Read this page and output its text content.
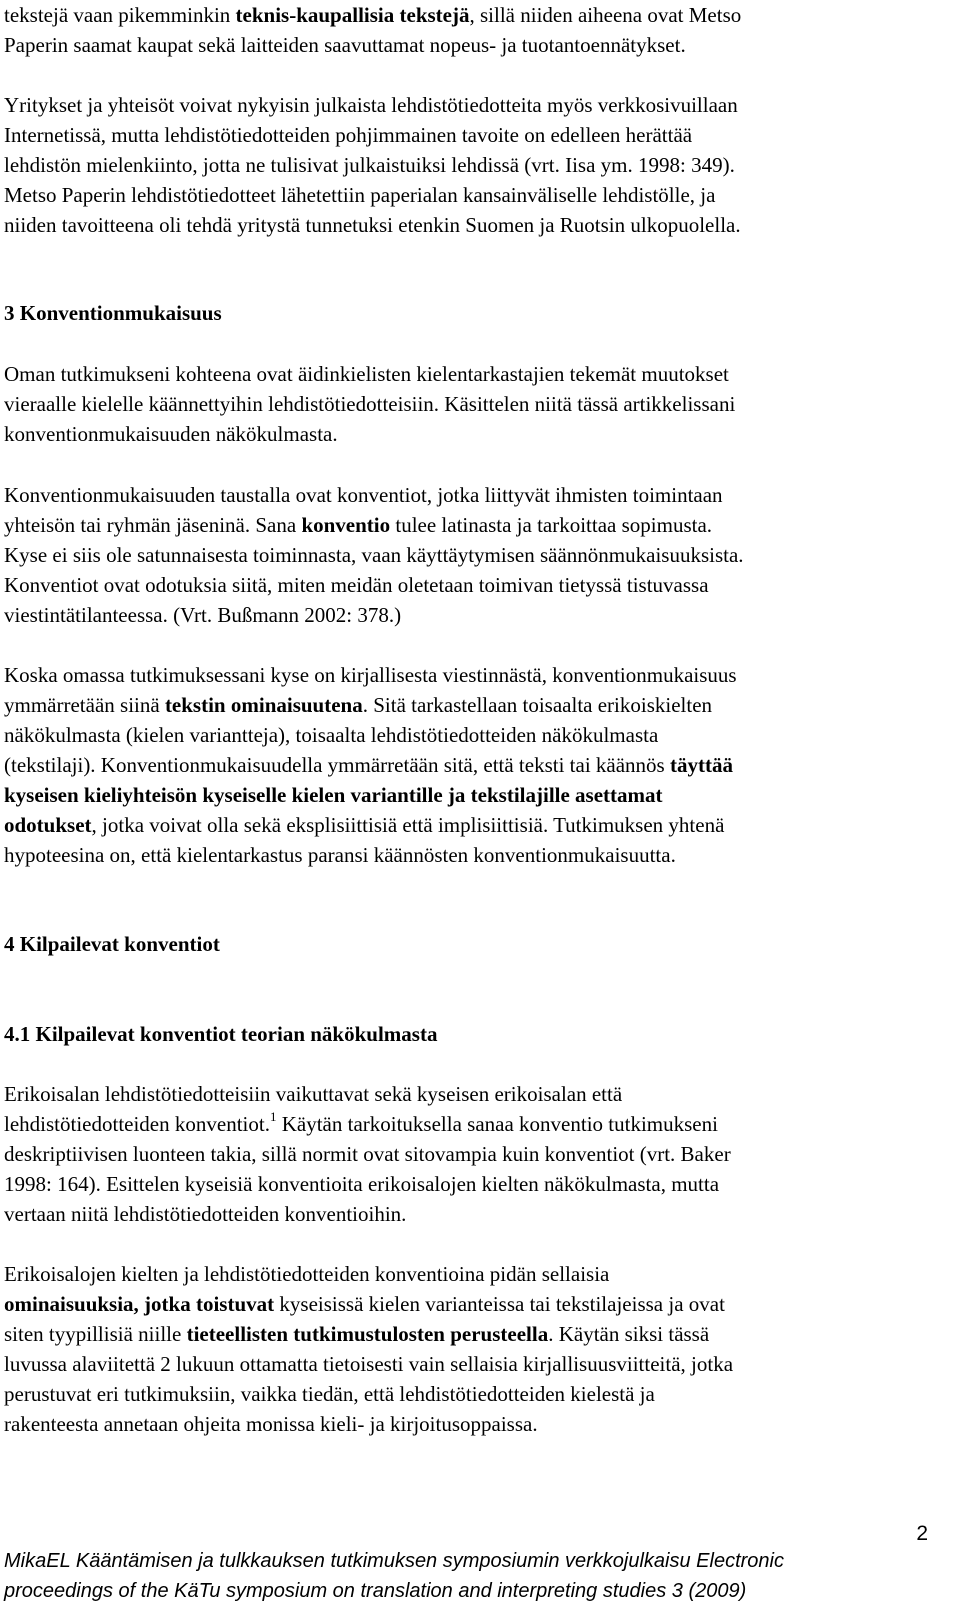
tekstejä vaan pikemminkin teknis-kaupallisia tekstejä, sillä niiden aiheena ovat Metso
Paperin saamat kaupat sekä laitteiden saavuttamat nopeus- ja tuotantoennätykset.
Yritykset ja yhteisöt voivat nykyisin julkaista lehdistötiedotteita myös verkkosivuillaan
Internetissä, mutta lehdistötiedotteiden pohjimmainen tavoite on edelleen herättää
lehdistön mielenkiinto, jotta ne tulisivat julkaistuiksi lehdissä (vrt. Iisa ym. 1998: 349).
Metso Paperin lehdistötiedotteet lähetettiin paperialan kansainväliselle lehdistölle, ja
niiden tavoitteena oli tehdä yritystä tunnetuksi etenkin Suomen ja Ruotsin ulkopuolella.
3 Konventionmukaisuus
Oman tutkimukseni kohteena ovat äidinkielisten kielentarkastajien tekemät muutokset
vieraalle kielelle käännettyihin lehdistötiedotteisiin. Käsittelen niitä tässä artikkelissani
konventionmukaisuuden näkökulmasta.
Konventionmukaisuuden taustalla ovat konventiot, jotka liittyvät ihmisten toimintaan
yhteisön tai ryhmän jäseninä. Sana konventio tulee latinasta ja tarkoittaa sopimusta.
Kyse ei siis ole satunnaisesta toiminnasta, vaan käyttäytymisen säännönmukaisuuksista.
Konventiot ovat odotuksia siitä, miten meidän oletetaan toimivan tietyssä tistuvassa
viestintätilanteessa. (Vrt. Bußmann 2002: 378.)
Koska omassa tutkimuksessani kyse on kirjallisesta viestinnästä, konventionmukaisuus
ymmärretään siinä tekstin ominaisuutena. Sitä tarkastellaan toisaalta erikoiskielten
näkökulmasta (kielen variantteja), toisaalta lehdistötiedotteiden näkökulmasta
(tekstilaji). Konventionmukaisuudella ymmärretään sitä, että teksti tai käännös täyttää
kyseisen kieliyhteisön kyseiselle kielen variantille ja tekstilajille asettamat
odotukset, jotka voivat olla sekä eksplisiittisiä että implisiittisiä. Tutkimuksen yhtenä
hypoteesina on, että kielentarkastus paransi käännösten konventionmukaisuutta.
4 Kilpailevat konventiot
4.1 Kilpailevat konventiot teorian näkökulmasta
Erikoisalan lehdistötiedotteisiin vaikuttavat sekä kyseisen erikoisalan että
lehdistötiedotteiden konventiot.$^1$ Käytän tarkoituksella sanaa konventio tutkimukseni
deskriptiivisen luonteen takia, sillä normit ovat sitovampia kuin konventiot (vrt. Baker
1998: 164). Esittelen kyseisiä konventioita erikoisalojen kielten näkökulmasta, mutta
vertaan niitä lehdistötiedotteiden konventioihin.
Erikoisalojen kielten ja lehdistötiedotteiden konventioina pidän sellaisia
ominaisuuksia, jotka toistuvat kyseisissä kielen varianteissa tai tekstilajeissa ja ovat
siten tyypillisiä niille tieteellisten tutkimustulosten perusteella. Käytän siksi tässä
luvussa alaviitettä 2 lukuun ottamatta tietoisesti vain sellaisia kirjallisuusviitteitä, jotka
perustuvat eri tutkimuksiin, vaikka tiedän, että lehdistötiedotteiden kielestä ja
rakenteesta annetaan ohjeita monissa kieli- ja kirjoitusoppaissa.
2
MikaEL Kääntämisen ja tulkkauksen tutkimuksen symposiumin verkkojulkaisu Electronic
proceedings of the KäTu symposium on translation and interpreting studies 3 (2009)
